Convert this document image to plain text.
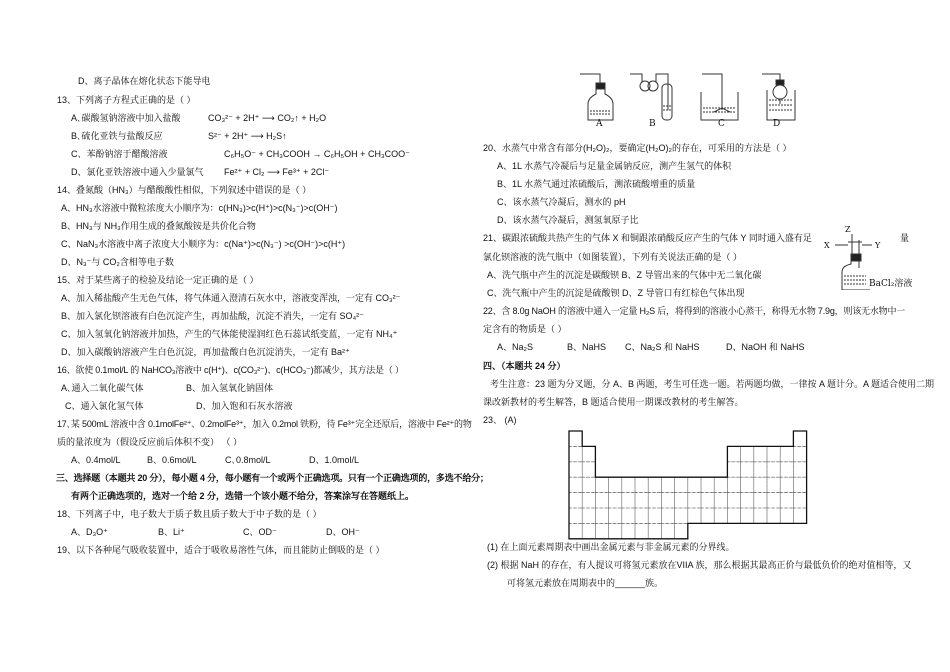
D、离子晶体在熔化状态下能导电
13、下列离子方程式正确的是（ ）
A､碳酸氢钠溶液中加入盐酸	CO₃²⁻ + 2H⁺ ⟶ CO₂↑ + H₂O
B､硫化亚铁与盐酸反应	S²⁻ + 2H⁺ ⟶ H₂S↑
C、苯酚钠溶于醋酸溶液	C₆H₅O⁻ + CH₃COOH → C₆H₅OH + CH₃COO⁻
D、氯化亚铁溶液中通入少量氯气 Fe²⁺ + Cl₂ ⟶ Fe³⁺ + 2Cl⁻
14、叠氮酸（HN₃）与醋酸酸性相似，下列叙述中错误的是（ ）
A、HN₃水溶液中微粒浓度大小顺序为：c(HN₃)>c(H⁺)>c(N₃⁻)>c(OH⁻)
B、HN₃与 NH₃作用生成的叠氮酸铵是共价化合物
C、NaN₃水溶液中离子浓度大小顺序为：c(Na⁺)>c(N₃⁻) >c(OH⁻)>c(H⁺)
D、N₃⁻与 CO₂含相等电子数
15、对于某些离子的检验及结论一定正确的是（ ）
A、加入稀盐酸产生无色气体，将气体通入澄清石灰水中，溶液变浑浊，一定有 CO₃²⁻
B、加入氯化钡溶液有白色沉淀产生，再加盐酸，沉淀不消失，一定有 SO₄²⁻
C、加入氢氧化钠溶液并加热，产生的气体能使湿润红色石蕊试纸变蓝，一定有 NH₄⁺
D、加入碳酸钠溶液产生白色沉淀，再加盐酸白色沉淀消失，一定有 Ba²⁺
16、欲使 0.1mol/L 的 NaHCO₃溶液中 c(H⁺)、c(CO₃²⁻)、c(HCO₃⁻)都减少，其方法是（ ）
A､通入二氧化碳气体	B、加入氢氧化钠固体
C、通入氯化氢气体	D、加入饱和石灰水溶液
17､某 500mL 溶液中含 0.1molFe²⁺、0.2molFe³⁺，加入 0.2mol 铁粉，待 Fe³⁺完全还原后，溶液中 Fe²⁺的物
质的量浓度为（假设反应前后体积不变） （ ）
A、0.4mol/L	B、0.6mol/L	C､0.8mol/L	D、1.0mol/L
三、选择题（本题共 20 分），每小题 4 分，每小题有一个或两个正确选项。只有一个正确选项的，多选不给分；
有两个正确选项的，选对一个给 2 分，选错一个该小题不给分，答案涂写在答题纸上。
18、下列离子中，电子数大于质子数且质子数大于中子数的是（ ）
A、D₃O⁺	B、Li⁺	C、OD⁻	D、OH⁻
19、以下各种尾气吸收装置中，适合于吸收易溶性气体，而且能防止倒吸的是（ ）
A	B	C	D
20、水蒸气中常含有部分(H₂O)₂，要确定(H₂O)₂的存在，可采用的方法是（ ）
A、1L 水蒸气冷凝后与足量金属钠反应，测产生氢气的体积
B、1L 水蒸气通过浓硫酸后，测浓硫酸增重的质量
C、该水蒸气冷凝后，测水的 pH
D、该水蒸气冷凝后，测氢氧原子比
21、碳跟浓硫酸共热产生的气体 X 和铜跟浓硝酸反应产生的气体 Y 同时通入盛有足	量
氯化钡溶液的洗气瓶中（如图装置），下列有关说法正确的是（ ）
A、洗气瓶中产生的沉淀是碳酸钡 B、Z 导管出来的气体中无二氧化碳
C、洗气瓶中产生的沉淀是硫酸钡 D、Z 导管口有红棕色气体出现
Z
X	Y
BaCl₂溶液
22、含 8.0g NaOH 的溶液中通入一定量 H₂S 后，将得到的溶液小心蒸干，称得无水物 7.9g，则该无水物中一
定含有的物质是（ ）
A、Na₂S	B、NaHS C、Na₂S 和 NaHS	D、NaOH 和 NaHS
四、（本题共 24 分）
考生注意：23 题为分叉题，分 A、B 两题，考生可任选一题。若两题均做，一律按 A 题计分。A 题适合使用二期
课改新教材的考生解答，B 题适合使用一期课改教材的考生解答。
23、 (A)
(1) 在上面元素周期表中画出金属元素与非金属元素的分界线。
(2) 根据 NaH 的存在，有人提议可将氢元素放在VIIA 族，那么根据其最高正价与最低负价的绝对值相等，又
可将氢元素放在周期表中的______族。
